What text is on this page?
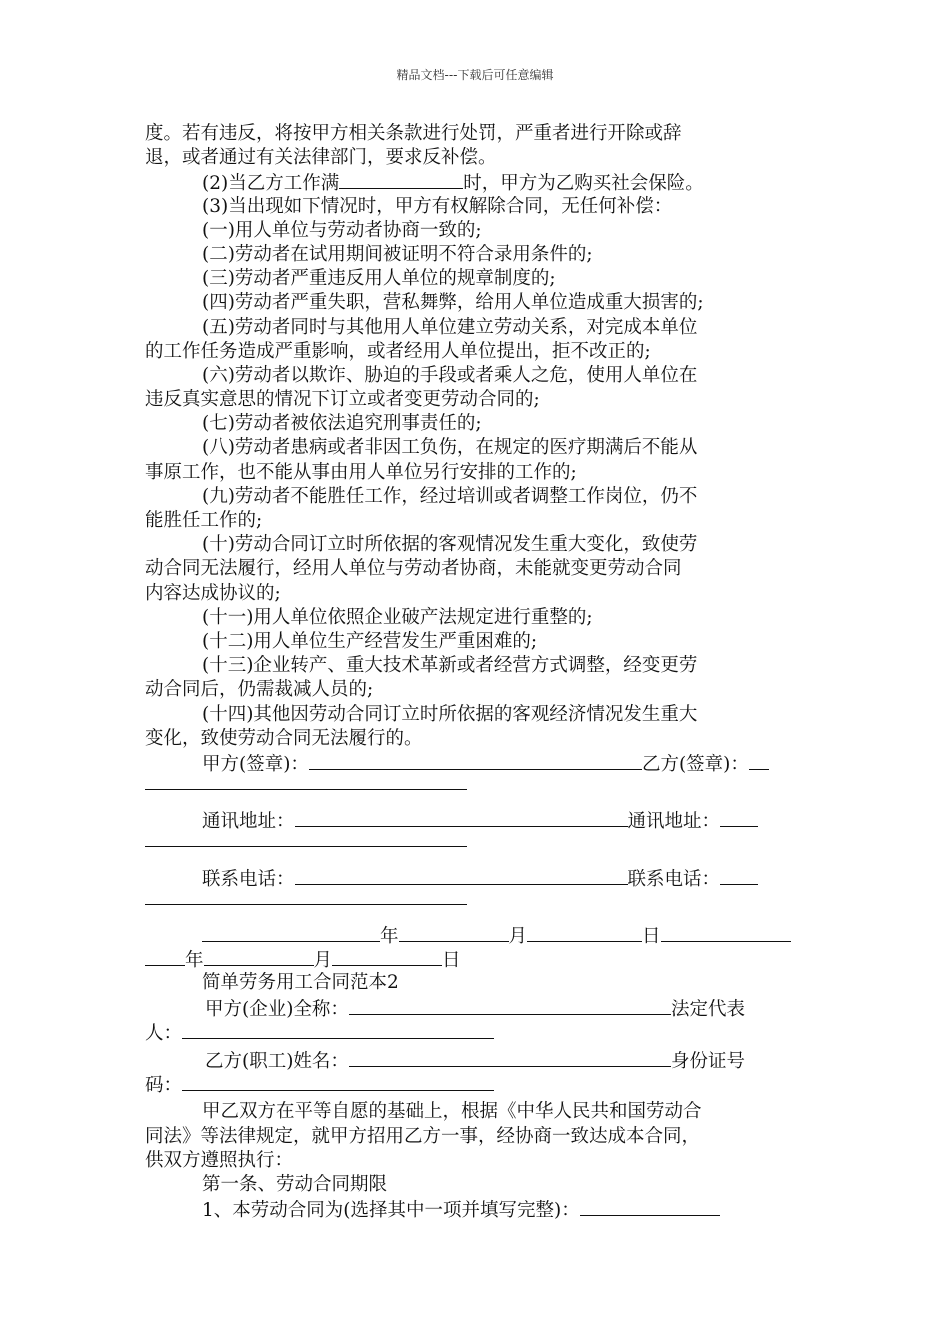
精品文档---下载后可任意编辑
度。若有违反，将按甲方相关条款进行处罚，严重者进行开除或辞
退，或者通过有关法律部门，要求反补偿。
(2)当乙方工作满	时，甲方为乙购买社会保险。
(3)当出现如下情况时，甲方有权解除合同，无任何补偿：
(一)用人单位与劳动者协商一致的;
(二)劳动者在试用期间被证明不符合录用条件的;
(三)劳动者严重违反用人单位的规章制度的;
(四)劳动者严重失职，营私舞弊，给用人单位造成重大损害的;
(五)劳动者同时与其他用人单位建立劳动关系，对完成本单位
的工作任务造成严重影响，或者经用人单位提出，拒不改正的;
(六)劳动者以欺诈、胁迫的手段或者乘人之危，使用人单位在
违反真实意思的情况下订立或者变更劳动合同的;
(七)劳动者被依法追究刑事责任的;
(八)劳动者患病或者非因工负伤，在规定的医疗期满后不能从
事原工作，也不能从事由用人单位另行安排的工作的;
(九)劳动者不能胜任工作，经过培训或者调整工作岗位，仍不
能胜任工作的;
(十)劳动合同订立时所依据的客观情况发生重大变化，致使劳
动合同无法履行，经用人单位与劳动者协商，未能就变更劳动合同
内容达成协议的;
(十一)用人单位依照企业破产法规定进行重整的;
(十二)用人单位生产经营发生严重困难的;
(十三)企业转产、重大技术革新或者经营方式调整，经变更劳
动合同后，仍需裁减人员的;
(十四)其他因劳动合同订立时所依据的客观经济情况发生重大
变化，致使劳动合同无法履行的。
甲方(签章)：	乙方(签章)：
通讯地址：	通讯地址：
联系电话：	联系电话：
年	月	日
年	月	日
简单劳务用工合同范本2
甲方(企业)全称：	法定代表
人：
乙方(职工)姓名：	身份证号
码：
甲乙双方在平等自愿的基础上，根据《中华人民共和国劳动合
同法》等法律规定，就甲方招用乙方一事，经协商一致达成本合同，
供双方遵照执行：
第一条、劳动合同期限
1、本劳动合同为(选择其中一项并填写完整)：
